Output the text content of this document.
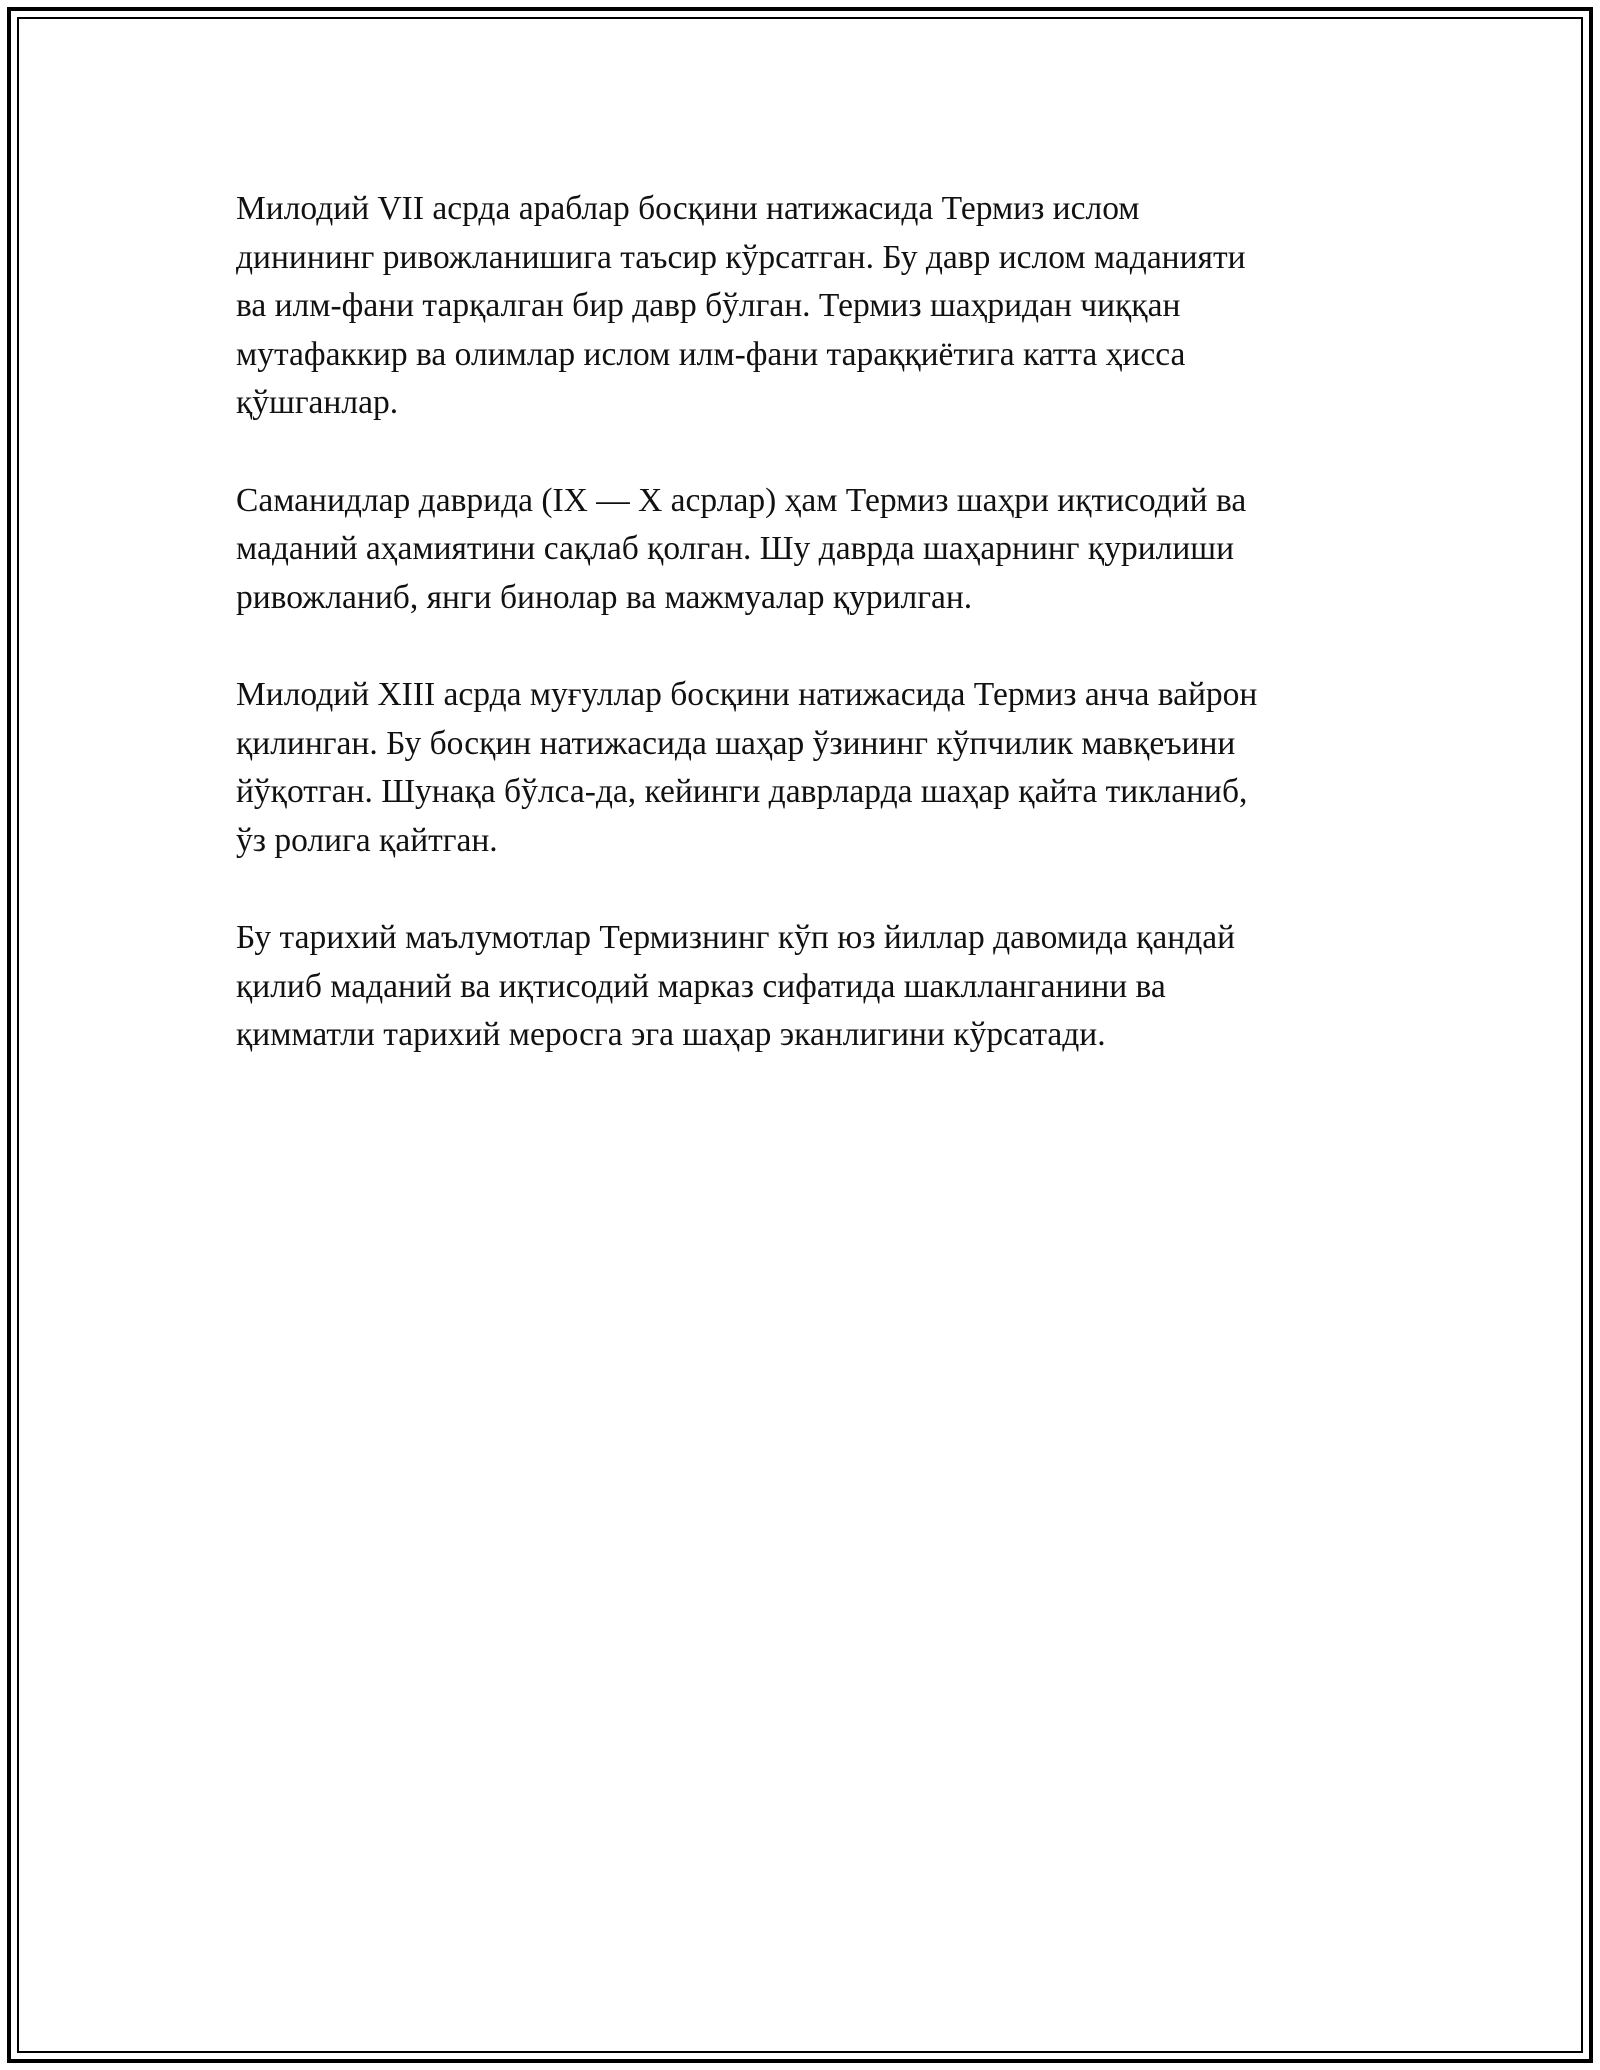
Милодий VII асрда араблар босқини натижасида Термиз ислом
динининг ривожланишига таъсир кўрсатган. Бу давр ислом маданияти
ва илм-фани тарқалган бир давр бўлган. Термиз шаҳридан чиққан
мутафаккир ва олимлар ислом илм-фани тараққиётига катта ҳисса
қўшганлар.

Саманидлар даврида (IX — X асрлар) ҳам Термиз шаҳри иқтисодий ва
маданий аҳамиятини сақлаб қолган. Шу даврда шаҳарнинг қурилиши
ривожланиб, янги бинолар ва мажмуалар қурилган.

Милодий XIII асрда муғуллар босқини натижасида Термиз анча вайрон
қилинган. Бу босқин натижасида шаҳар ўзининг кўпчилик мавқеъини
йўқотган. Шунақа бўлса-да, кейинги даврларда шаҳар қайта тикланиб,
ўз ролига қайтган.

Бу тарихий маълумотлар Термизнинг кўп юз йиллар давомида қандай
қилиб маданий ва иқтисодий марказ сифатида шаклланганини ва
қимматли тарихий меросга эга шаҳар эканлигини кўрсатади.
